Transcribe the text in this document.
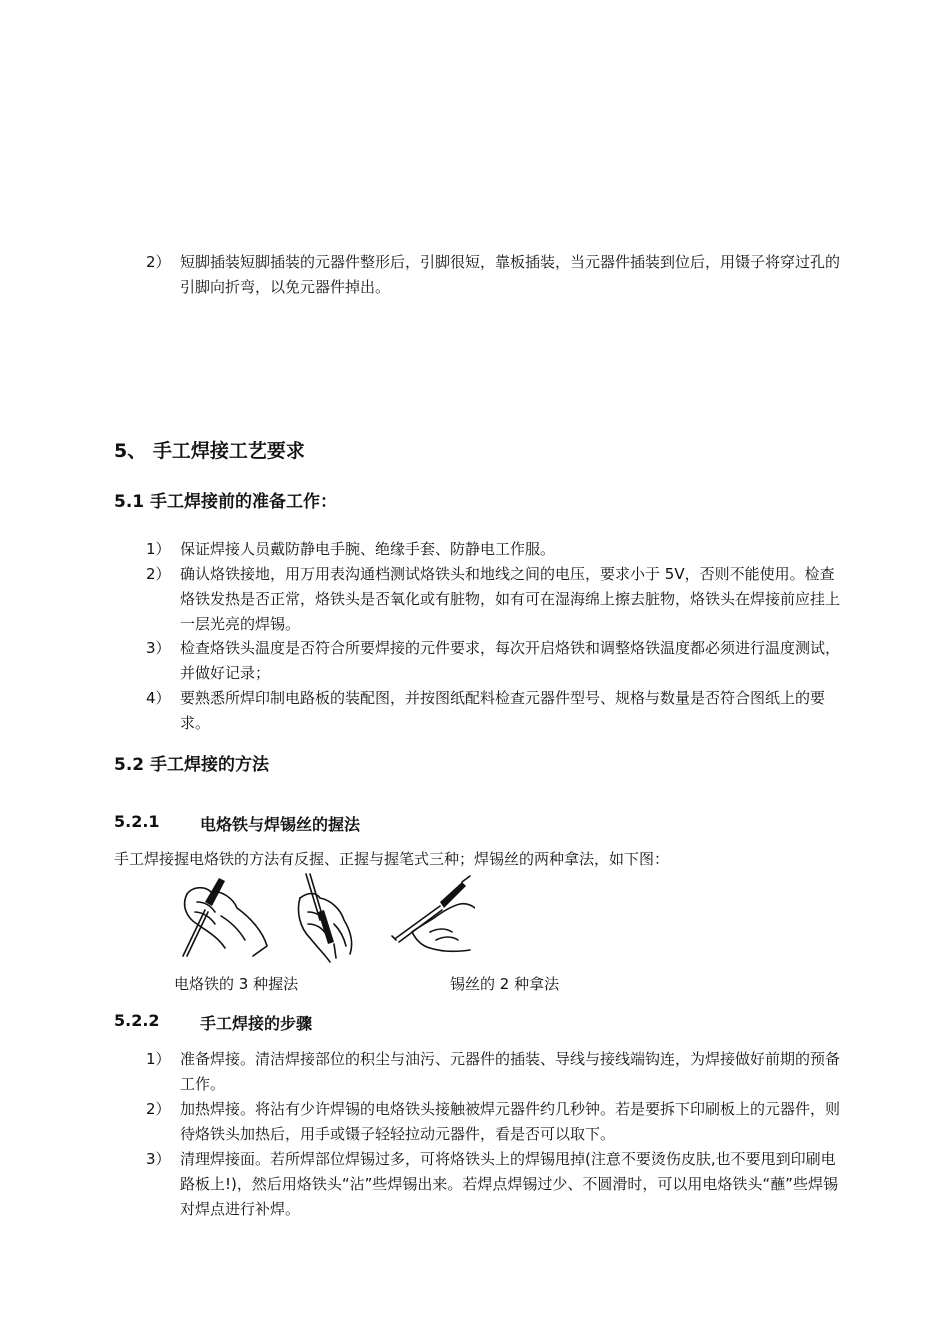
2） 短脚插装短脚插装的元器件整形后，引脚很短，靠板插装，当元器件插装到位后，用镊子将穿过孔的引脚向折弯，以免元器件掉出。
5、 手工焊接工艺要求
5.1 手工焊接前的准备工作：
1） 保证焊接人员戴防静电手腕、绝缘手套、防静电工作服。
2） 确认烙铁接地，用万用表沟通档测试烙铁头和地线之间的电压，要求小于 5V，否则不能使用。检查烙铁发热是否正常，烙铁头是否氧化或有脏物，如有可在湿海绵上擦去脏物，烙铁头在焊接前应挂上一层光亮的焊锡。
3） 检查烙铁头温度是否符合所要焊接的元件要求，每次开启烙铁和调整烙铁温度都必须进行温度测试，并做好记录；
4） 要熟悉所焊印制电路板的装配图，并按图纸配料检查元器件型号、规格与数量是否符合图纸上的要求。
5.2 手工焊接的方法
5.2.1	电烙铁与焊锡丝的握法
手工焊接握电烙铁的方法有反握、正握与握笔式三种；焊锡丝的两种拿法，如下图：
电烙铁的 3 种握法	锡丝的 2 种拿法
5.2.2	手工焊接的步骤
1） 准备焊接。清洁焊接部位的积尘与油污、元器件的插装、导线与接线端钩连，为焊接做好前期的预备工作。
2） 加热焊接。将沾有少许焊锡的电烙铁头接触被焊元器件约几秒钟。若是要拆下印刷板上的元器件，则待烙铁头加热后，用手或镊子轻轻拉动元器件，看是否可以取下。
3） 清理焊接面。若所焊部位焊锡过多，可将烙铁头上的焊锡甩掉(注意不要烫伤皮肤,也不要甩到印刷电路板上!)，然后用烙铁头“沾”些焊锡出来。若焊点焊锡过少、不圆滑时，可以用电烙铁头“蘸”些焊锡对焊点进行补焊。
